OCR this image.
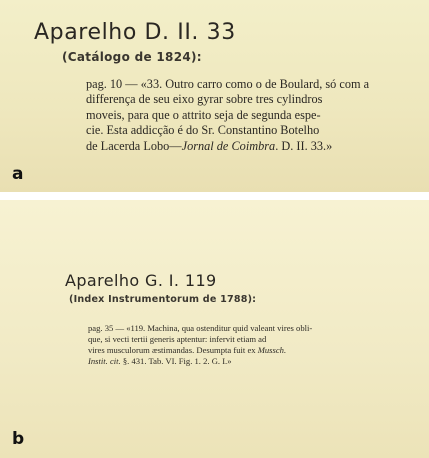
Aparelho D. II. 33
(Catálogo de 1824):
pag. 10 — «33. Outro carro como o de Boulard, só com a
differença de seu eixo gyrar sobre tres cylindros
moveis, para que o attrito seja de segunda espe-
cie. Esta addicção é do Sr. Constantino Botelho
de Lacerda Lobo—Jornal de Coimbra. D. II. 33.»
a
Aparelho G. I. 119
(Index Instrumentorum de 1788):
pag. 35 — «119. Machina, qua ostenditur quid valeant vires obli-
que, si vecti tertii generis aptentur: infervit etiam ad
vires musculorum æstimandas. Desumpta fuit ex Mussch.
Instit. cit. §. 431. Tab. VI. Fig. 1. 2. G. I.»
b
